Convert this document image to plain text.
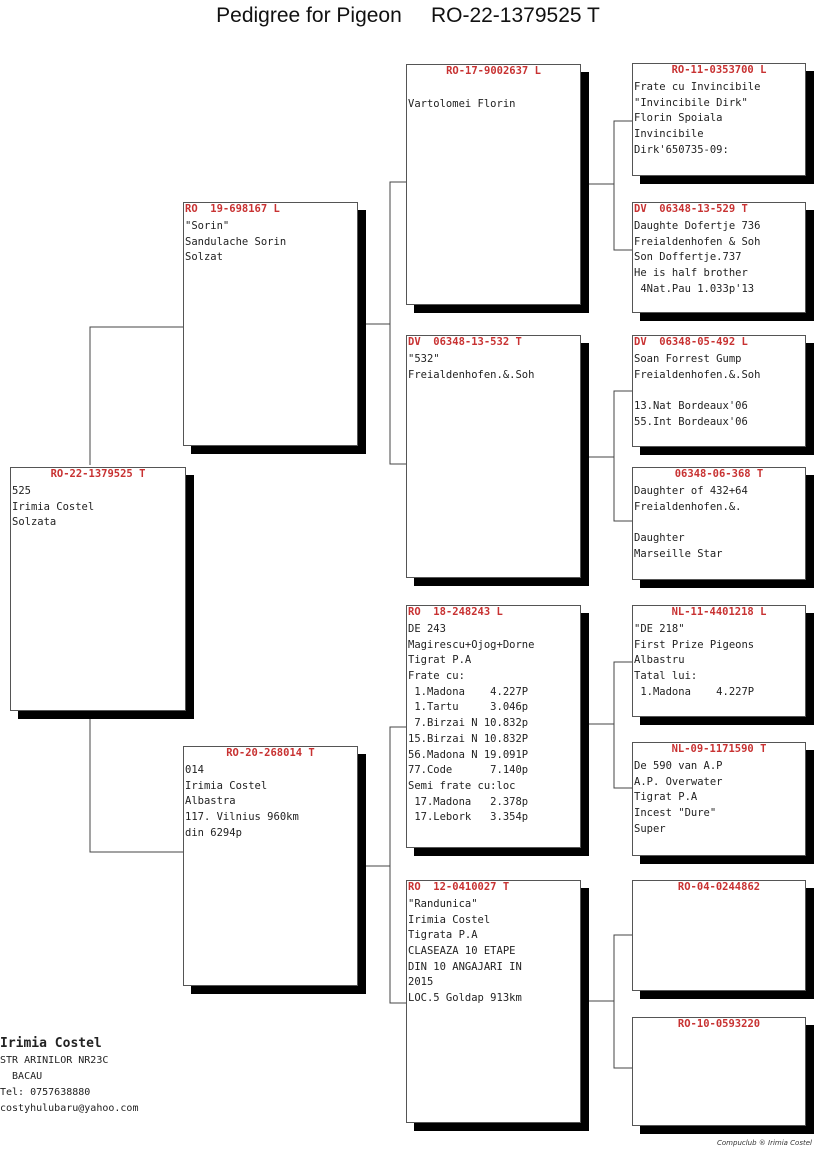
Pedigree for Pigeon     RO-22-1379525 T
RO-22-1379525 T
525
Irimia Costel
Solzata
RO  19-698167 L
"Sorin"
Sandulache Sorin
Solzat
RO-20-268014 T
014
Irimia Costel
Albastra
117. Vilnius 960km
din 6294p
RO-17-9002637 L
Vartolomei Florin
DV  06348-13-532 T
"532"
Freialdenhofen.&.Soh
RO  18-248243 L
DE 243
Magirescu+Ojog+Dorne
Tigrat P.A
Frate cu:
1.Madona    4.227P
1.Tartu     3.046p
7.Birzai N 10.832p
15.Birzai N 10.832P
56.Madona N 19.091P
77.Code      7.140p
Semi frate cu:loc
17.Madona   2.378p
17.Lebork   3.354p
RO  12-0410027 T
"Randunica"
Irimia Costel
Tigrata P.A
CLASEAZA 10 ETAPE
DIN 10 ANGAJARI IN
2015
LOC.5 Goldap 913km
RO-11-0353700 L
Frate cu Invincibile
"Invincibile Dirk"
Florin Spoiala
Invincibile
Dirk'650735-09:
DV  06348-13-529 T
Daughte Dofertje 736
Freialdenhofen & Soh
Son Doffertje.737
He is half brother
4Nat.Pau 1.033p'13
DV  06348-05-492 L
Soan Forrest Gump
Freialdenhofen.&.Soh
13.Nat Bordeaux'06
55.Int Bordeaux'06
06348-06-368 T
Daughter of 432+64
Freialdenhofen.&.
Daughter
Marseille Star
NL-11-4401218 L
"DE 218"
First Prize Pigeons
Albastru
Tatal lui:
1.Madona    4.227P
NL-09-1171590 T
De 590 van A.P
A.P. Overwater
Tigrat P.A
Incest "Dure"
Super
RO-04-0244862
RO-10-0593220
Irimia Costel
STR ARINILOR NR23C
BACAU
Tel: 0757638880
costyhulubaru@yahoo.com
Compuclub ® Irimia Costel
